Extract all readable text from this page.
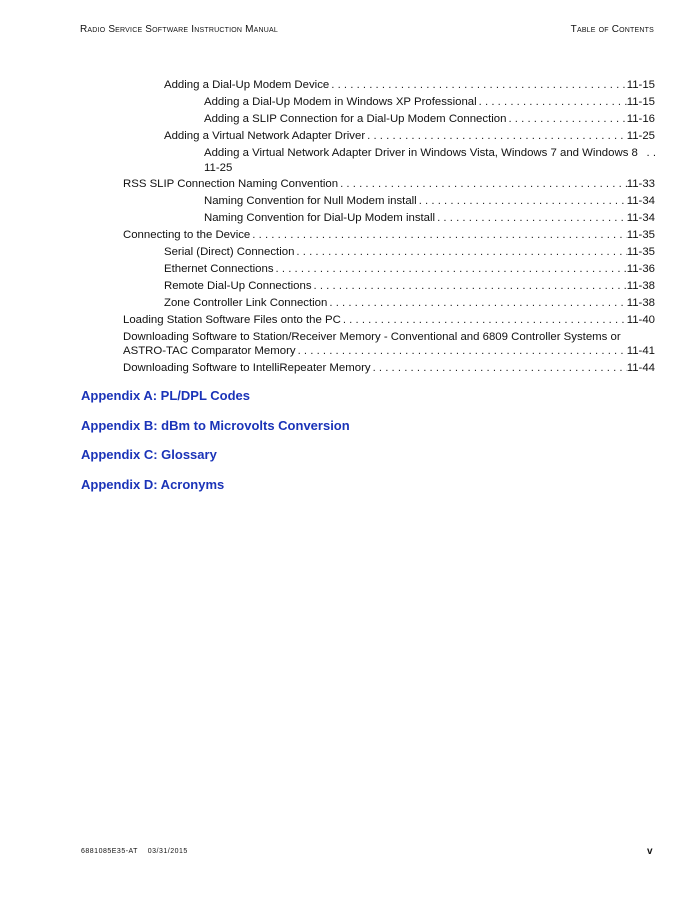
Radio Service Software Instruction Manual	Table of Contents
Adding a Dial-Up Modem Device . . .	11-15
Adding a Dial-Up Modem in Windows XP Professional . . .	11-15
Adding a SLIP Connection for a Dial-Up Modem Connection . . .	11-16
Adding a Virtual Network Adapter Driver . . .	11-25
Adding a Virtual Network Adapter Driver in Windows Vista, Windows 7 and Windows 8 . .
11-25
RSS SLIP Connection Naming Convention . . .	11-33
Naming Convention for Null Modem install . . .	11-34
Naming Convention for Dial-Up Modem install . . .	11-34
Connecting to the Device . . .	11-35
Serial (Direct) Connection . . .	11-35
Ethernet Connections . . .	11-36
Remote Dial-Up Connections . . .	11-38
Zone Controller Link Connection . . .	11-38
Loading Station Software Files onto the PC . . .	11-40
Downloading Software to Station/Receiver Memory - Conventional and 6809 Controller Systems or
ASTRO-TAC Comparator Memory . . .	11-41
Downloading Software to IntelliRepeater Memory . . .	11-44
Appendix A: PL/DPL Codes
Appendix B: dBm to Microvolts Conversion
Appendix C: Glossary
Appendix D: Acronyms
6881085E35-AT 03/31/2015	v
